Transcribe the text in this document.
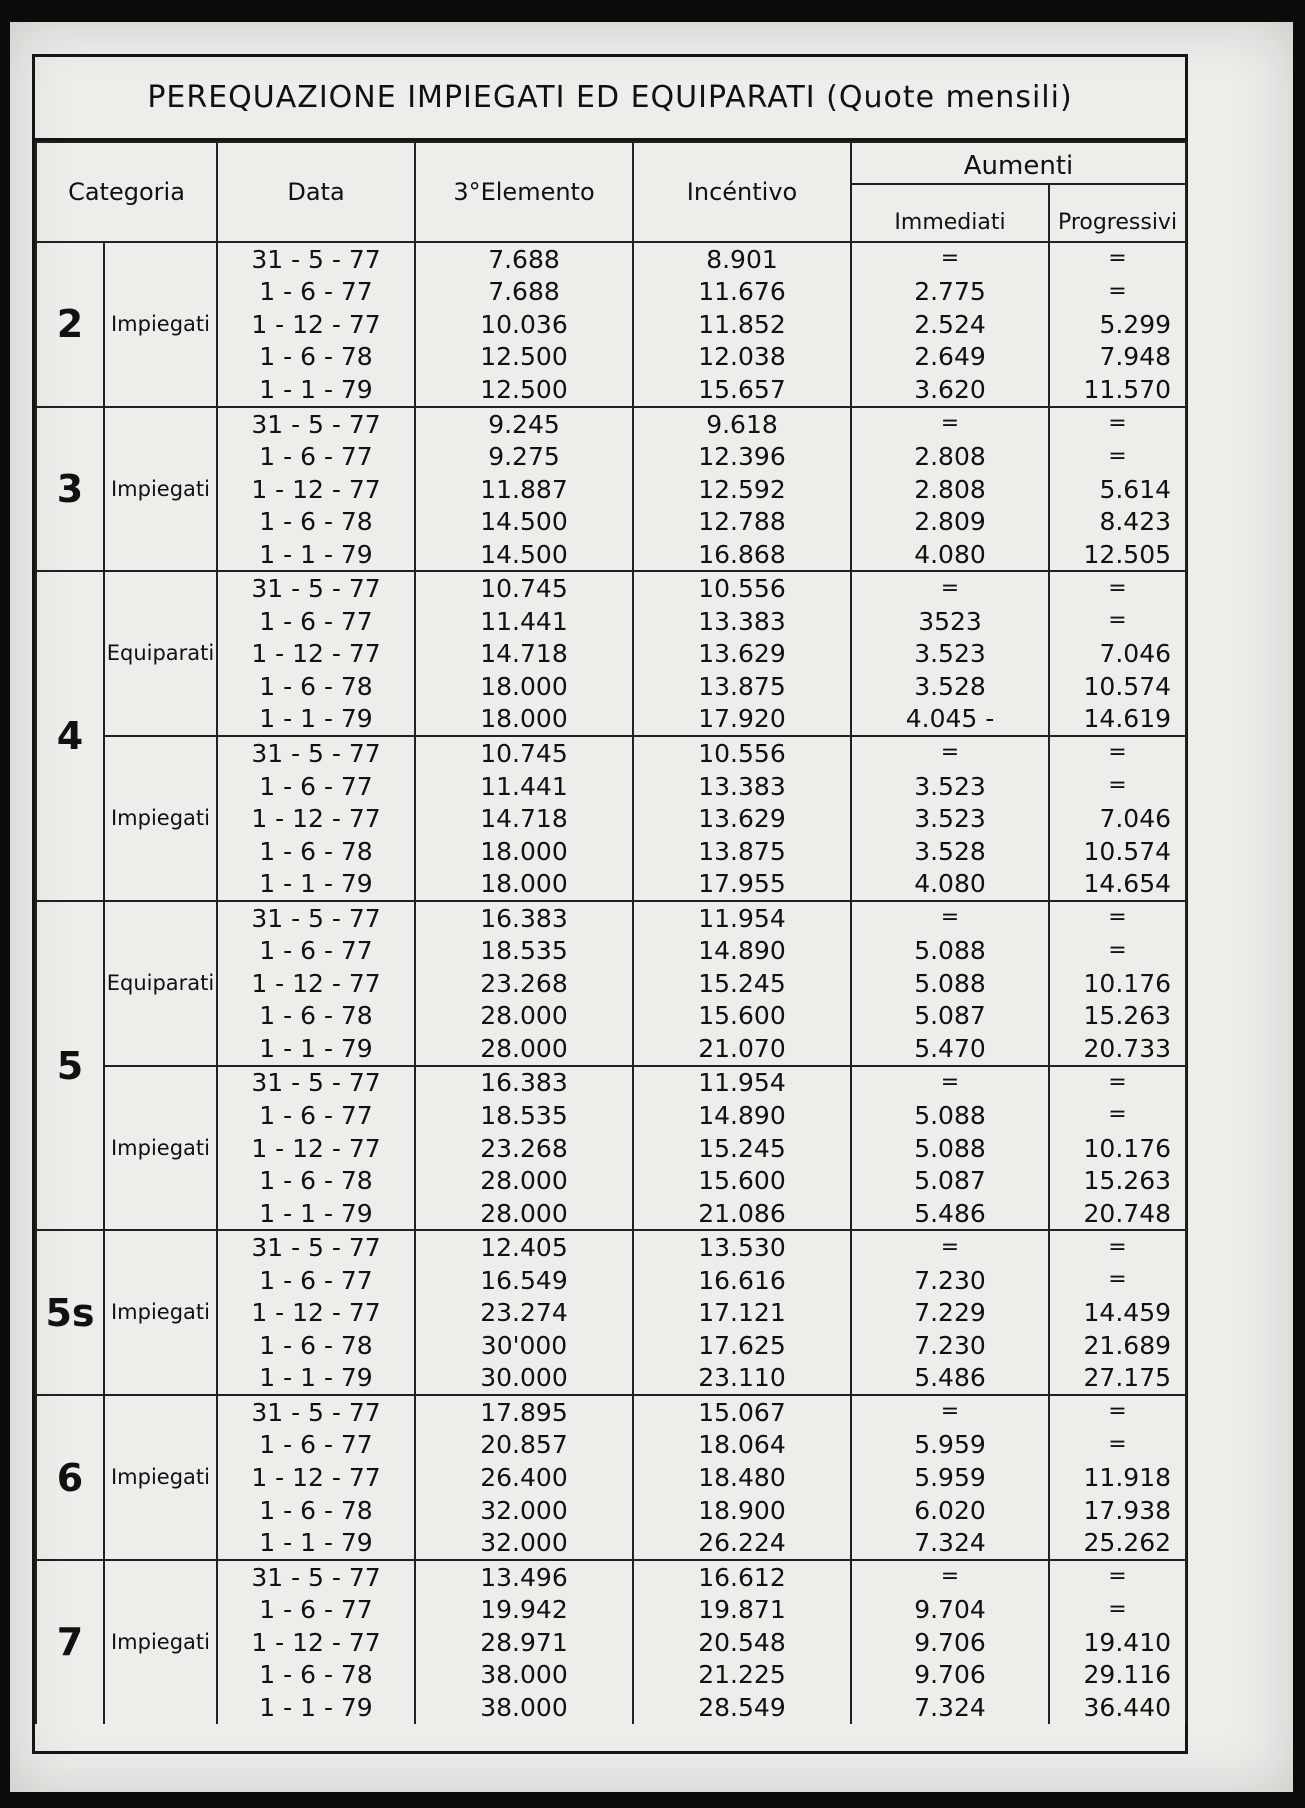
PEREQUAZIONE IMPIEGATI ED EQUIPARATI (Quote mensili)
Categoria		Data	3°Elemento	Incéntivo	Aumenti	
					Immediati	Progressivi
2	Impiegati	31 - 5 - 77	7.688	8.901	=	=
		1 - 6 - 77	7.688	11.676	2.775	=
		1 - 12 - 77	10.036	11.852	2.524	5.299
		1 - 6 - 78	12.500	12.038	2.649	7.948
		1 - 1 - 79	12.500	15.657	3.620	11.570
3	Impiegati	31 - 5 - 77	9.245	9.618	=	=
		1 - 6 - 77	9.275	12.396	2.808	=
		1 - 12 - 77	11.887	12.592	2.808	5.614
		1 - 6 - 78	14.500	12.788	2.809	8.423
		1 - 1 - 79	14.500	16.868	4.080	12.505
4	Equiparati	31 - 5 - 77	10.745	10.556	=	=
		1 - 6 - 77	11.441	13.383	3523	=
		1 - 12 - 77	14.718	13.629	3.523	7.046
		1 - 6 - 78	18.000	13.875	3.528	10.574
		1 - 1 - 79	18.000	17.920	4.045 -	14.619
	Impiegati	31 - 5 - 77	10.745	10.556	=	=
		1 - 6 - 77	11.441	13.383	3.523	=
		1 - 12 - 77	14.718	13.629	3.523	7.046
		1 - 6 - 78	18.000	13.875	3.528	10.574
		1 - 1 - 79	18.000	17.955	4.080	14.654
5	Equiparati	31 - 5 - 77	16.383	11.954	=	=
		1 - 6 - 77	18.535	14.890	5.088	=
		1 - 12 - 77	23.268	15.245	5.088	10.176
		1 - 6 - 78	28.000	15.600	5.087	15.263
		1 - 1 - 79	28.000	21.070	5.470	20.733
	Impiegati	31 - 5 - 77	16.383	11.954	=	=
		1 - 6 - 77	18.535	14.890	5.088	=
		1 - 12 - 77	23.268	15.245	5.088	10.176
		1 - 6 - 78	28.000	15.600	5.087	15.263
		1 - 1 - 79	28.000	21.086	5.486	20.748
5s	Impiegati	31 - 5 - 77	12.405	13.530	=	=
		1 - 6 - 77	16.549	16.616	7.230	=
		1 - 12 - 77	23.274	17.121	7.229	14.459
		1 - 6 - 78	30'000	17.625	7.230	21.689
		1 - 1 - 79	30.000	23.110	5.486	27.175
6	Impiegati	31 - 5 - 77	17.895	15.067	=	=
		1 - 6 - 77	20.857	18.064	5.959	=
		1 - 12 - 77	26.400	18.480	5.959	11.918
		1 - 6 - 78	32.000	18.900	6.020	17.938
		1 - 1 - 79	32.000	26.224	7.324	25.262
7	Impiegati	31 - 5 - 77	13.496	16.612	=	=
		1 - 6 - 77	19.942	19.871	9.704	=
		1 - 12 - 77	28.971	20.548	9.706	19.410
		1 - 6 - 78	38.000	21.225	9.706	29.116
		1 - 1 - 79	38.000	28.549	7.324	36.440
